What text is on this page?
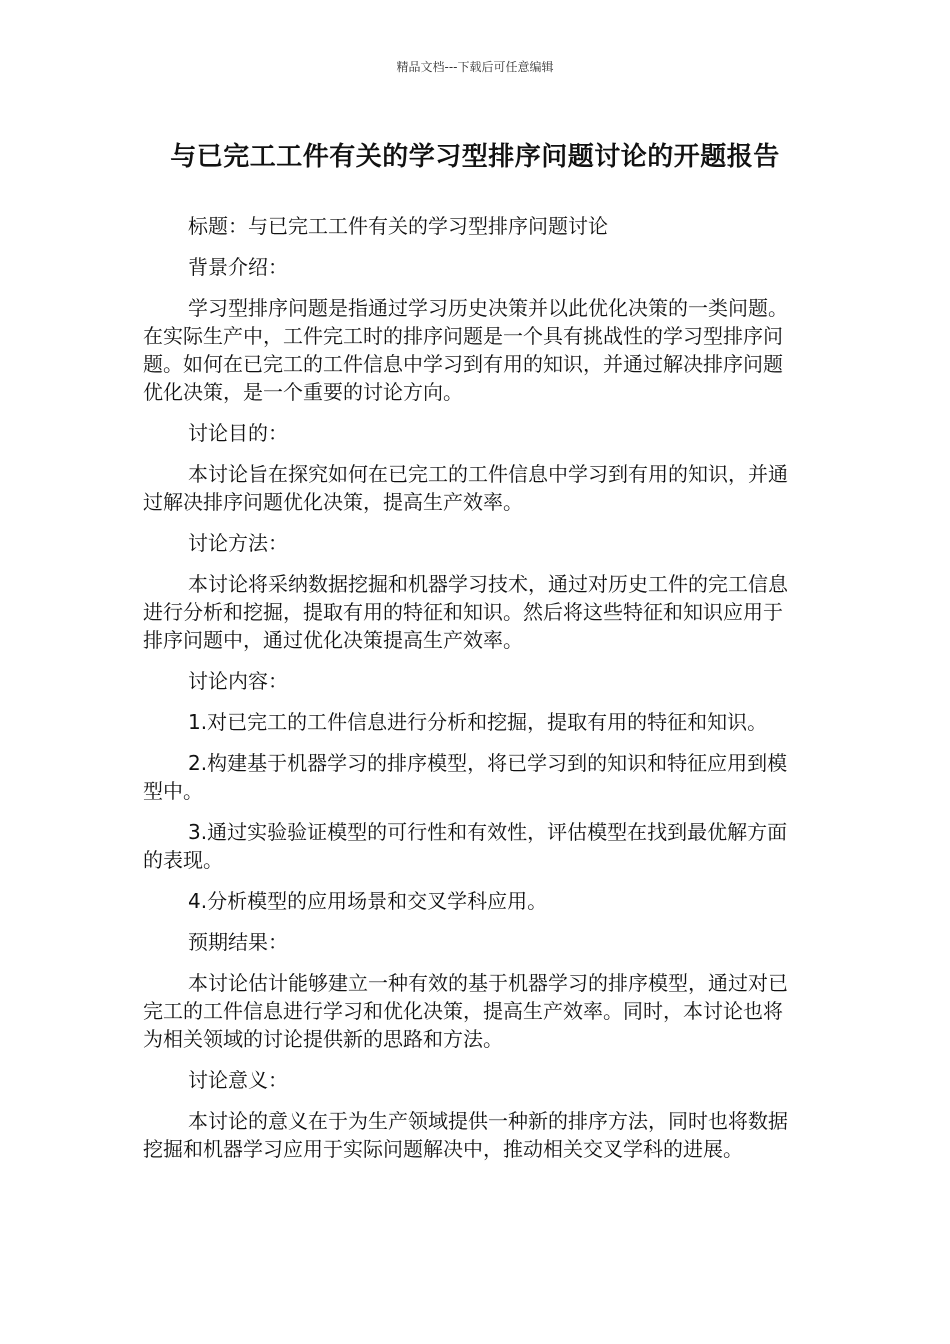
精品文档---下载后可任意编辑
与已完工工件有关的学习型排序问题讨论的开题报告

标题：与已完工工件有关的学习型排序问题讨论

背景介绍：

学习型排序问题是指通过学习历史决策并以此优化决策的一类问题。在实际生产中，工件完工时的排序问题是一个具有挑战性的学习型排序问题。如何在已完工的工件信息中学习到有用的知识，并通过解决排序问题优化决策，是一个重要的讨论方向。

讨论目的：

本讨论旨在探究如何在已完工的工件信息中学习到有用的知识，并通过解决排序问题优化决策，提高生产效率。

讨论方法：

本讨论将采纳数据挖掘和机器学习技术，通过对历史工件的完工信息进行分析和挖掘，提取有用的特征和知识。然后将这些特征和知识应用于排序问题中，通过优化决策提高生产效率。

讨论内容：

1.对已完工的工件信息进行分析和挖掘，提取有用的特征和知识。

2.构建基于机器学习的排序模型，将已学习到的知识和特征应用到模型中。

3.通过实验验证模型的可行性和有效性，评估模型在找到最优解方面的表现。

4.分析模型的应用场景和交叉学科应用。

预期结果：

本讨论估计能够建立一种有效的基于机器学习的排序模型，通过对已完工的工件信息进行学习和优化决策，提高生产效率。同时，本讨论也将为相关领域的讨论提供新的思路和方法。

讨论意义：

本讨论的意义在于为生产领域提供一种新的排序方法，同时也将数据挖掘和机器学习应用于实际问题解决中，推动相关交叉学科的进展。
